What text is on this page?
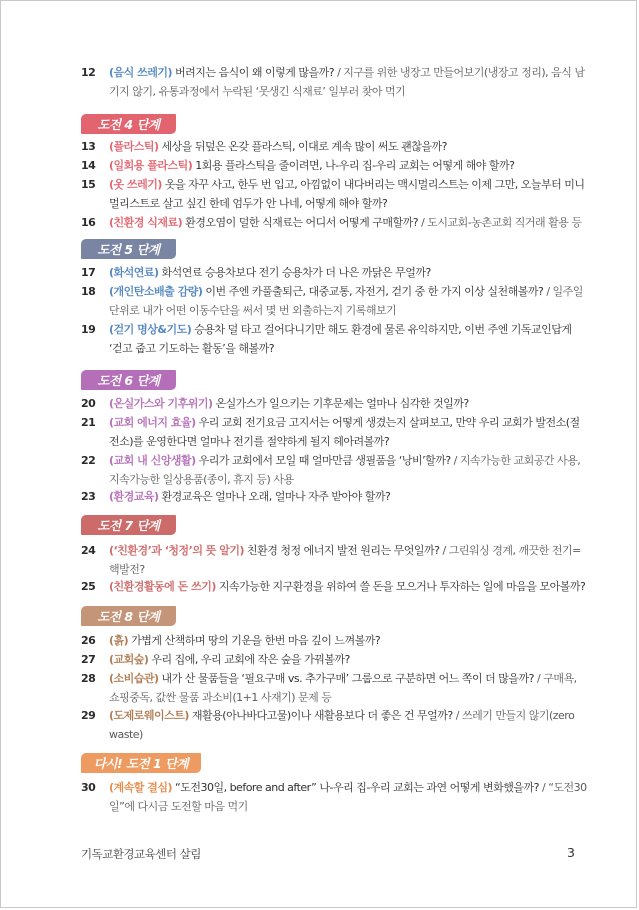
12	(음식 쓰레기) 버려지는 음식이 왜 이렇게 많을까? / 지구를 위한 냉장고 만들어보기(냉장고 정리), 음식 남기지 않기, 유통과정에서 누락된 ‘못생긴 식재료’ 일부러 찾아 먹기
도전 4 단계
13	(플라스틱) 세상을 뒤덮은 온갖 플라스틱, 이대로 계속 많이 써도 괜찮을까?
14	(일회용 플라스틱) 1회용 플라스틱을 줄이려면, 나-우리 집-우리 교회는 어떻게 해야 할까?
15	(옷 쓰레기) 옷을 자꾸 사고, 한두 번 입고, 아낌없이 내다버리는 맥시멀리스트는 이제 그만, 오늘부터 미니멀리스트로 살고 싶긴 한데 엄두가 안 나네, 어떻게 해야 할까?
16	(친환경 식재료) 환경오염이 덜한 식재료는 어디서 어떻게 구매할까? / 도시교회-농촌교회 직거래 활용 등
도전 5 단계
17	(화석연료) 화석연료 승용차보다 전기 승용차가 더 나은 까닭은 무얼까?
18	(개인탄소배출 감량) 이번 주엔 카풀출퇴근, 대중교통, 자전거, 걷기 중 한 가지 이상 실천해볼까? / 일주일 단위로 내가 어떤 이동수단을 써서 몇 번 외출하는지 기록해보기
19	(걷기 명상&기도) 승용차 덜 타고 걸어다니기만 해도 환경에 물론 유익하지만, 이번 주엔 기독교인답게 ‘걷고 줍고 기도하는 활동’을 해볼까?
도전 6 단계
20	(온실가스와 기후위기) 온실가스가 일으키는 기후문제는 얼마나 심각한 것일까?
21	(교회 에너지 효율) 우리 교회 전기요금 고지서는 어떻게 생겼는지 살펴보고, 만약 우리 교회가 발전소(절전소)를 운영한다면 얼마나 전기를 절약하게 될지 헤아려볼까?
22	(교회 내 신앙생활) 우리가 교회에서 모일 때 얼마만큼 생필품을 ‘낭비’할까? / 지속가능한 교회공간 사용, 지속가능한 일상용품(종이, 휴지 등) 사용
23	(환경교육) 환경교육은 얼마나 오래, 얼마나 자주 받아야 할까?
도전 7 단계
24	(‘친환경’과 ‘청정’의 뜻 알기) 친환경 청정 에너지 발전 원리는 무엇일까? / 그린워싱 경계, 깨끗한 전기=핵발전?
25	(친환경활동에 돈 쓰기) 지속가능한 지구환경을 위하여 쓸 돈을 모으거나 투자하는 일에 마음을 모아볼까?
도전 8 단계
26	(흙) 가볍게 산책하며 땅의 기운을 한번 마음 깊이 느껴볼까?
27	(교회숲) 우리 집에, 우리 교회에 작은 숲을 가꿔볼까?
28	(소비습관) 내가 산 물품들을 ‘필요구매 vs. 추가구매’ 그룹으로 구분하면 어느 쪽이 더 많을까? / 구매욕, 쇼핑중독, 값싼 물품 과소비(1+1 사재기) 문제 등
29	(도제로웨이스트) 재활용(아나바다고물)이나 새활용보다 더 좋은 건 무얼까? / 쓰레기 만들지 않기(zero waste)
다시! 도전 1 단계
30	(계속할 결심) “도전30일, before and after” 나-우리 집-우리 교회는 과연 어떻게 변화했을까? / “도전30일”에 다시금 도전할 마음 먹기
기독교환경교육센터 살림	3
